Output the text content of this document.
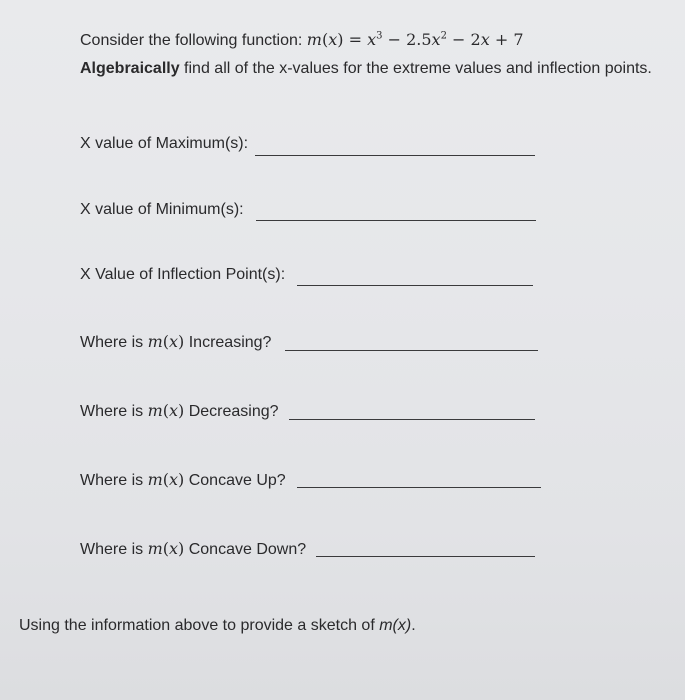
Consider the following function: $m(x) = x^3 - 2.5x^2 - 2x + 7$
Algebraically find all of the x-values for the extreme values and inflection points.
X value of Maximum(s):
X value of Minimum(s):
X Value of Inflection Point(s):
Where is m(x) Increasing?
Where is m(x) Decreasing?
Where is m(x) Concave Up?
Where is m(x) Concave Down?
Using the information above to provide a sketch of m(x).
